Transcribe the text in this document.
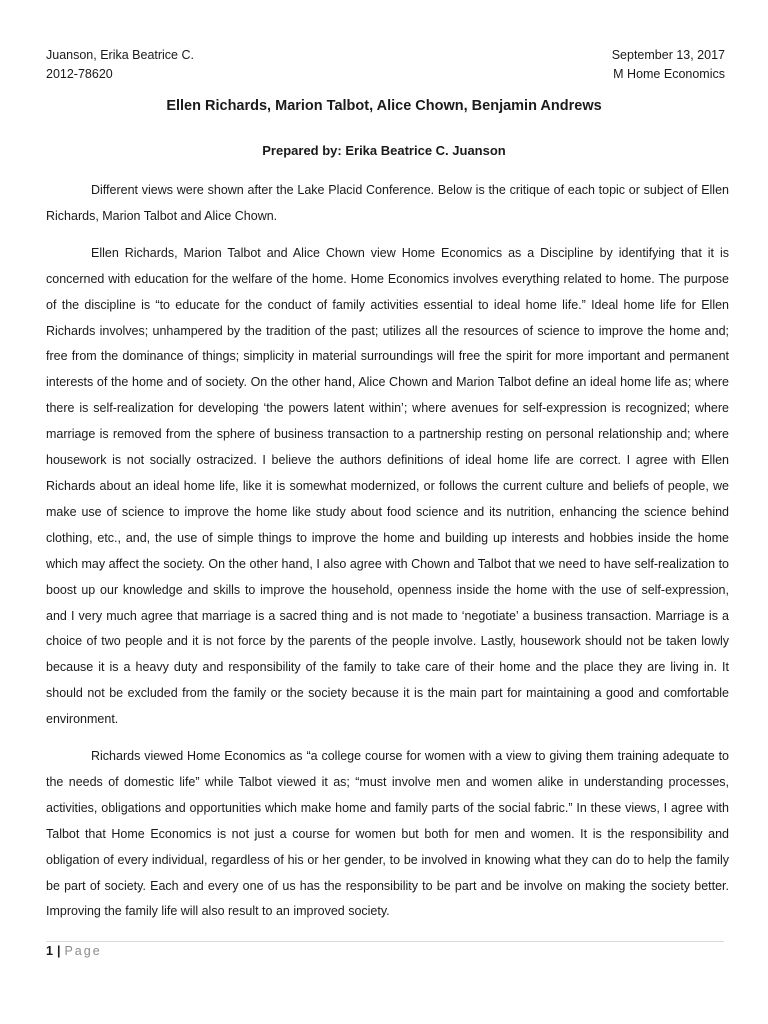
Juanson, Erika Beatrice C.
2012-78620
September 13, 2017
M Home Economics
Ellen Richards, Marion Talbot, Alice Chown, Benjamin Andrews
Prepared by: Erika Beatrice C. Juanson

Different views were shown after the Lake Placid Conference. Below is the critique of each topic or subject of Ellen Richards, Marion Talbot and Alice Chown.

Ellen Richards, Marion Talbot and Alice Chown view Home Economics as a Discipline by identifying that it is concerned with education for the welfare of the home. Home Economics involves everything related to home. The purpose of the discipline is “to educate for the conduct of family activities essential to ideal home life.” Ideal home life for Ellen Richards involves; unhampered by the tradition of the past; utilizes all the resources of science to improve the home and; free from the dominance of things; simplicity in material surroundings will free the spirit for more important and permanent interests of the home and of society. On the other hand, Alice Chown and Marion Talbot define an ideal home life as; where there is self-realization for developing ‘the powers latent within’; where avenues for self-expression is recognized; where marriage is removed from the sphere of business transaction to a partnership resting on personal relationship and; where housework is not socially ostracized. I believe the authors definitions of ideal home life are correct. I agree with Ellen Richards about an ideal home life, like it is somewhat modernized, or follows the current culture and beliefs of people, we make use of science to improve the home like study about food science and its nutrition, enhancing the science behind clothing, etc., and, the use of simple things to improve the home and building up interests and hobbies inside the home which may affect the society. On the other hand, I also agree with Chown and Talbot that we need to have self-realization to boost up our knowledge and skills to improve the household, openness inside the home with the use of self-expression, and I very much agree that marriage is a sacred thing and is not made to ‘negotiate’ a business transaction. Marriage is a choice of two people and it is not force by the parents of the people involve. Lastly, housework should not be taken lowly because it is a heavy duty and responsibility of the family to take care of their home and the place they are living in. It should not be excluded from the family or the society because it is the main part for maintaining a good and comfortable environment.

Richards viewed Home Economics as “a college course for women with a view to giving them training adequate to the needs of domestic life” while Talbot viewed it as; “must involve men and women alike in understanding processes, activities, obligations and opportunities which make home and family parts of the social fabric.” In these views, I agree with Talbot that Home Economics is not just a course for women but both for men and women. It is the responsibility and obligation of every individual, regardless of his or her gender, to be involved in knowing what they can do to help the family be part of society. Each and every one of us has the responsibility to be part and be involve on making the society better. Improving the family life will also result to an improved society.

1 | Page
